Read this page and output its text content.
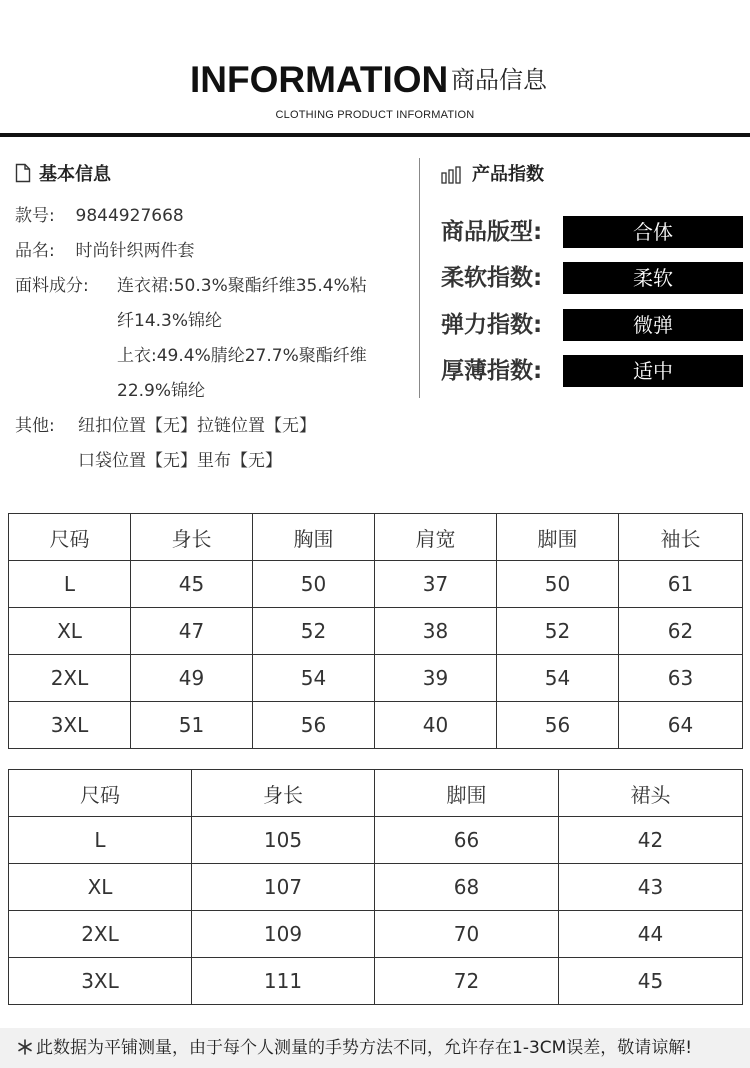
INFORMATION 商品信息
CLOTHING PRODUCT INFORMATION
基本信息
款号: 9844927668
品名: 时尚针织两件套
面料成分: 连衣裙:50.3%聚酯纤维35.4%粘
纤14.3%锦纶
上衣:49.4%腈纶27.7%聚酯纤维
22.9%锦纶
其他: 纽扣位置【无】拉链位置【无】
口袋位置【无】里布【无】
产品指数
商品版型:	合体
柔软指数:	柔软
弹力指数:	微弹
厚薄指数:	适中
尺码	身长	胸围	肩宽	脚围	袖长
L	45	50	37	50	61
XL	47	52	38	52	62
2XL	49	54	39	54	63
3XL	51	56	40	56	64
尺码	身长	脚围	裙头
L	105	66	42
XL	107	68	43
2XL	109	70	44
3XL	111	72	45
此数据为平铺测量，由于每个人测量的手势方法不同，允许存在1-3CM误差，敬请谅解!
